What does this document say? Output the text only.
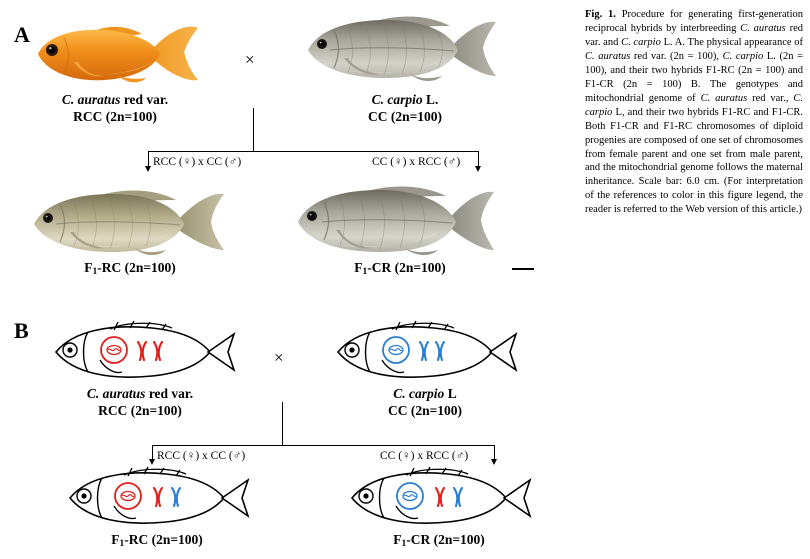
A
C. auratus red var.
RCC (2n=100)
C. carpio L.
CC (2n=100)
×
RCC (♀) x CC (♂)	CC (♀) x RCC (♂)
F1-RC (2n=100)	F1-CR (2n=100)
B
C. auratus red var.
RCC (2n=100)
C. carpio L
CC (2n=100)
×
RCC (♀) x CC (♂)	CC (♀) x RCC (♂)
F1-RC (2n=100)	F1-CR (2n=100)
Fig. 1. Procedure for generating first-generation reciprocal hybrids by interbreeding C. auratus red var. and C. carpio L. A. The physical appearance of C. auratus red var. (2n = 100), C. carpio L. (2n = 100), and their two hybrids F1-RC (2n = 100) and F1-CR (2n = 100) B. The genotypes and mitochondrial genome of C. auratus red var., C. carpio L, and their two hybrids F1-RC and F1-CR. Both F1-CR and F1-RC chromosomes of diploid progenies are composed of one set of chromosomes from female parent and one set from male parent, and the mitochondrial genome follows the maternal inheritance. Scale bar: 6.0 cm. (For interpretation of the references to color in this figure legend, the reader is referred to the Web version of this article.)
